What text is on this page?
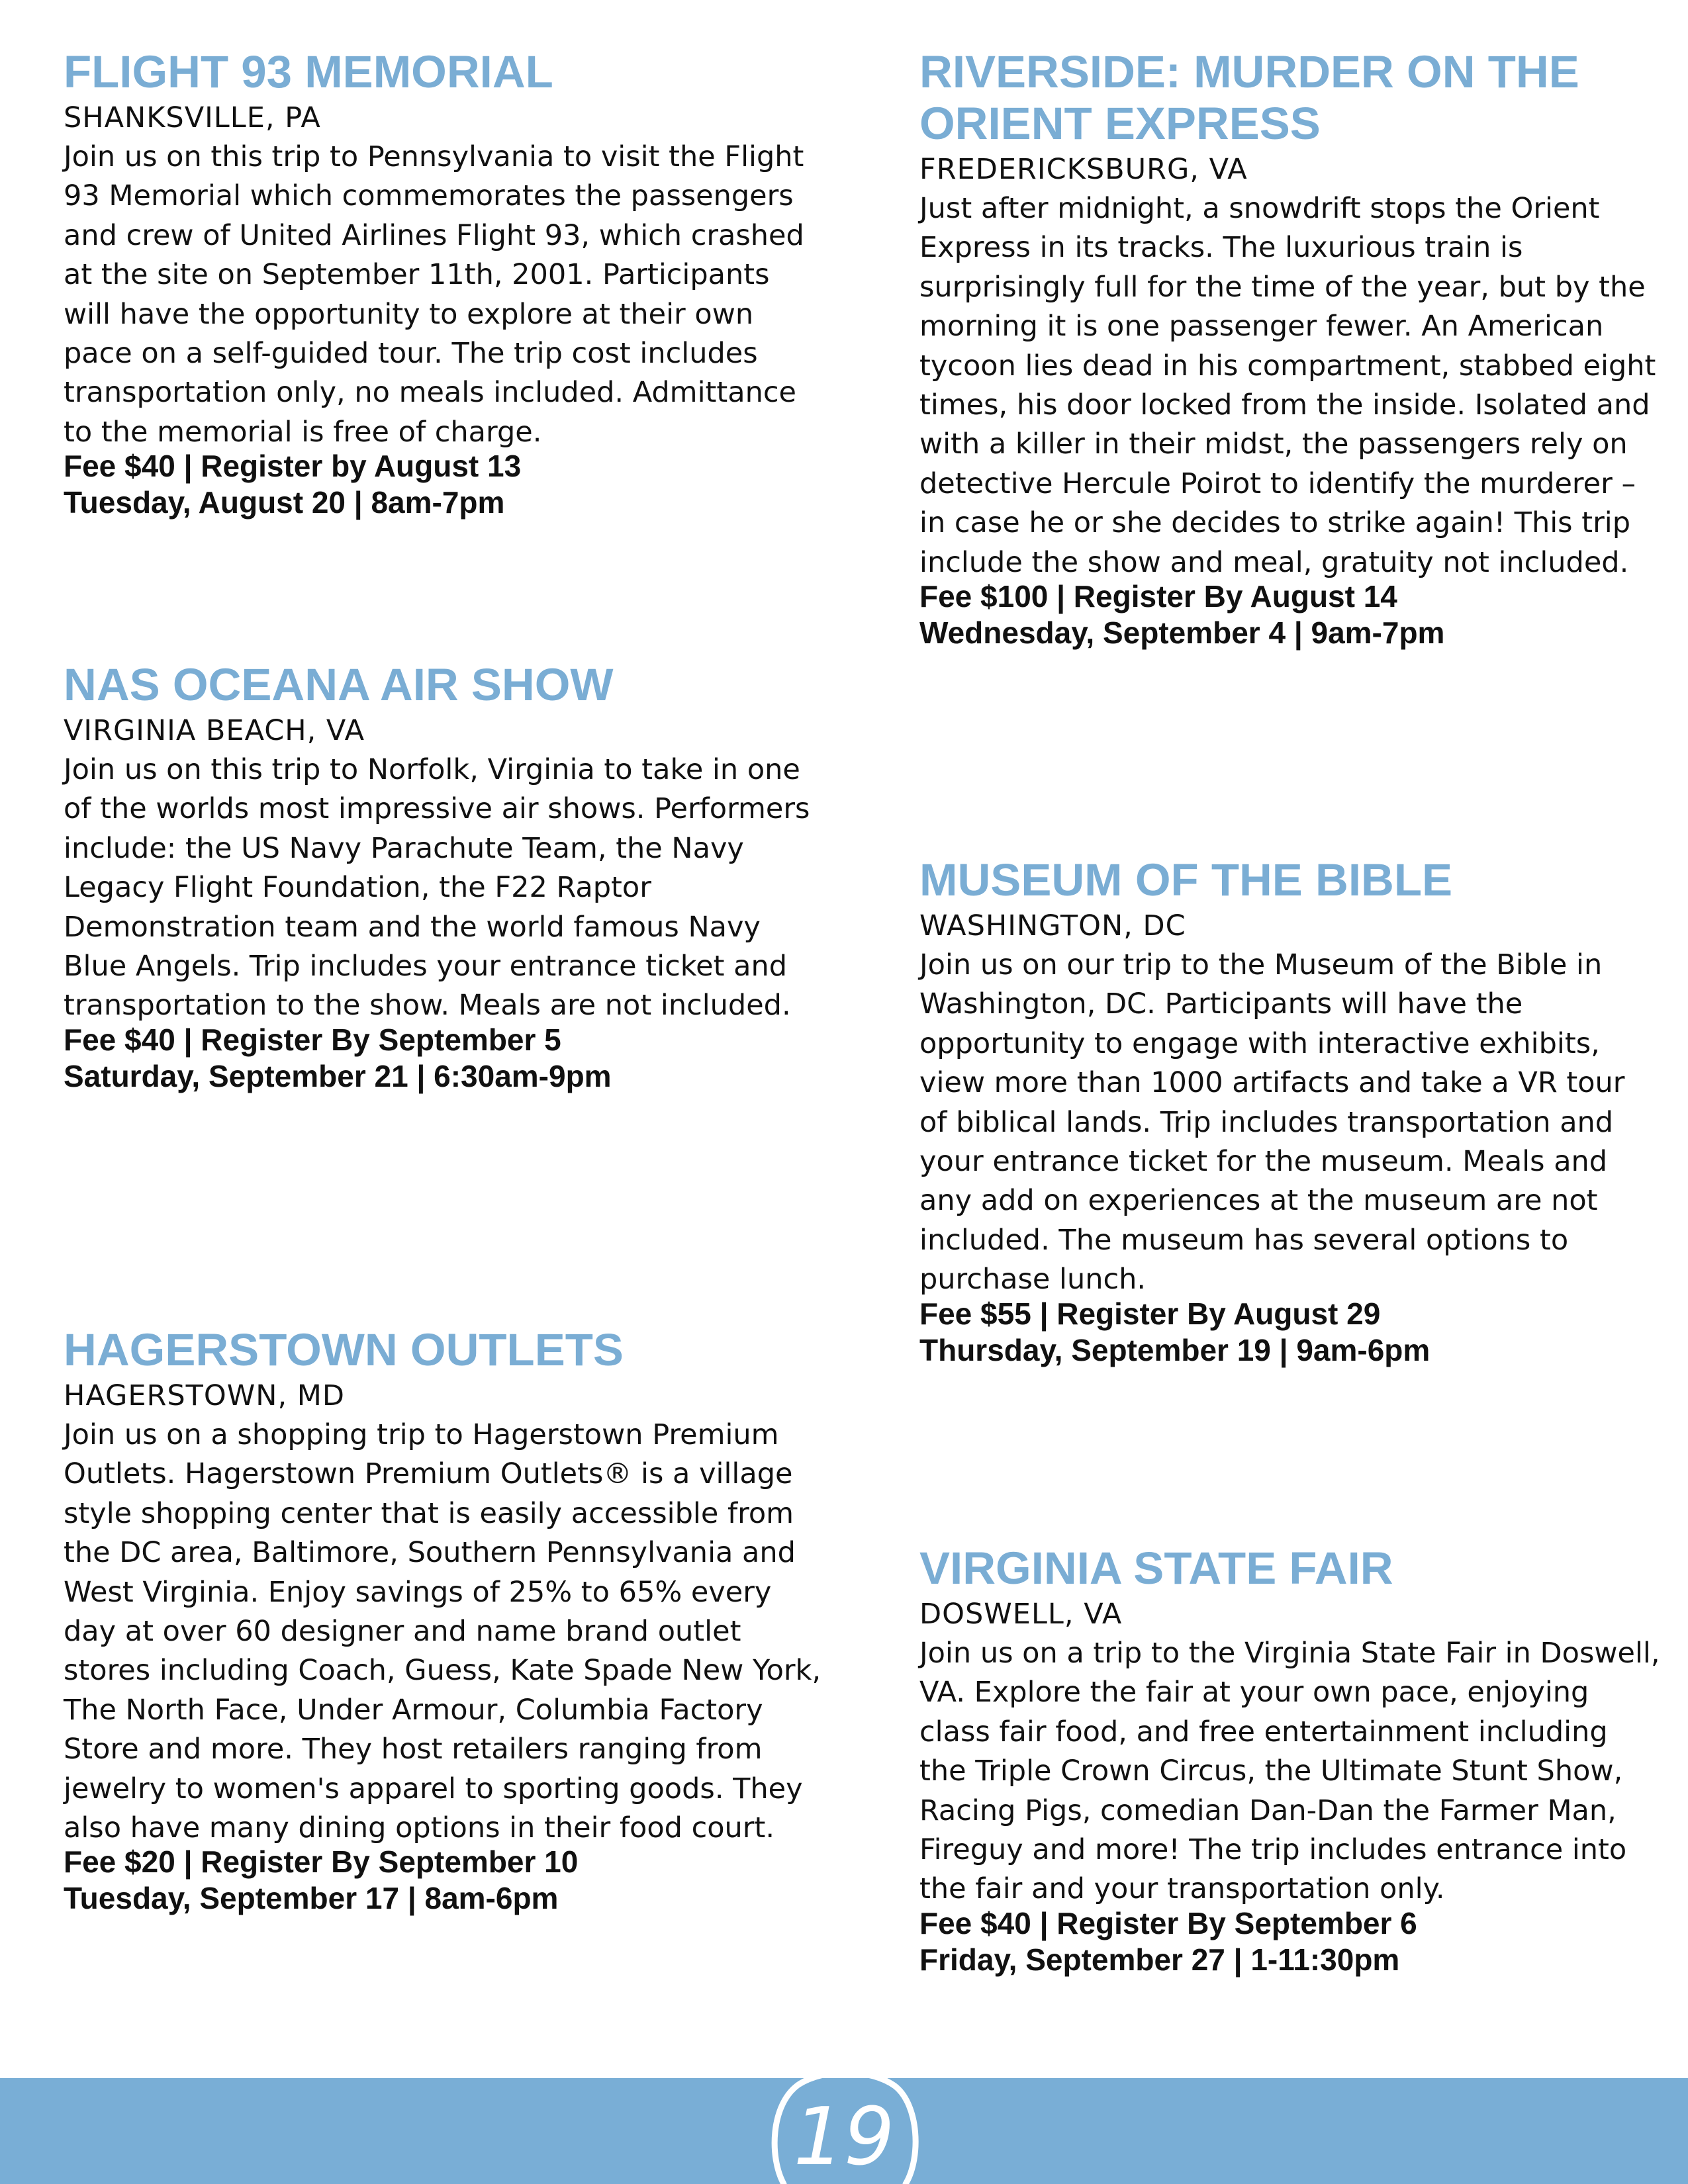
FLIGHT 93 MEMORIAL

SHANKSVILLE, PA

Join us on this trip to Pennsylvania to visit the Flight 93 Memorial which commemorates the passengers and crew of United Airlines Flight 93, which crashed at the site on September 11th, 2001. Participants will have the opportunity to explore at their own pace on a self-guided tour. The trip cost includes transportation only, no meals included. Admittance to the memorial is free of charge.

Fee $40 | Register by August 13

Tuesday, August 20 | 8am-7pm

NAS OCEANA AIR SHOW

VIRGINIA BEACH, VA

Join us on this trip to Norfolk, Virginia to take in one of the worlds most impressive air shows. Performers include: the US Navy Parachute Team, the Navy Legacy Flight Foundation, the F22 Raptor Demonstration team and the world famous Navy Blue Angels. Trip includes your entrance ticket and transportation to the show. Meals are not included.

Fee $40 | Register By September 5

Saturday, September 21 | 6:30am-9pm

HAGERSTOWN OUTLETS

HAGERSTOWN, MD

Join us on a shopping trip to Hagerstown Premium Outlets. Hagerstown Premium Outlets® is a village style shopping center that is easily accessible from the DC area, Baltimore, Southern Pennsylvania and West Virginia. Enjoy savings of 25% to 65% every day at over 60 designer and name brand outlet stores including Coach, Guess, Kate Spade New York, The North Face, Under Armour, Columbia Factory Store and more. They host retailers ranging from jewelry to women's apparel to sporting goods. They also have many dining options in their food court.

Fee $20 | Register By September 10

Tuesday, September 17 | 8am-6pm

RIVERSIDE: MURDER ON THE ORIENT EXPRESS

FREDERICKSBURG, VA

Just after midnight, a snowdrift stops the Orient Express in its tracks. The luxurious train is surprisingly full for the time of the year, but by the morning it is one passenger fewer. An American tycoon lies dead in his compartment, stabbed eight times, his door locked from the inside. Isolated and with a killer in their midst, the passengers rely on detective Hercule Poirot to identify the murderer – in case he or she decides to strike again! This trip include the show and meal, gratuity not included.

Fee $100 | Register By August 14

Wednesday, September 4 | 9am-7pm

MUSEUM OF THE BIBLE

WASHINGTON, DC

Join us on our trip to the Museum of the Bible in Washington, DC. Participants will have the opportunity to engage with interactive exhibits, view more than 1000 artifacts and take a VR tour of biblical lands. Trip includes transportation and your entrance ticket for the museum. Meals and any add on experiences at the museum are not included. The museum has several options to purchase lunch.

Fee $55 | Register By August 29

Thursday, September 19 | 9am-6pm

VIRGINIA STATE FAIR

DOSWELL, VA

Join us on a trip to the Virginia State Fair in Doswell, VA. Explore the fair at your own pace, enjoying class fair food, and free entertainment including the Triple Crown Circus, the Ultimate Stunt Show, Racing Pigs, comedian Dan-Dan the Farmer Man, Fireguy and more! The trip includes entrance into the fair and your transportation only.

Fee $40 | Register By September 6

Friday, September 27 | 1-11:30pm

19
